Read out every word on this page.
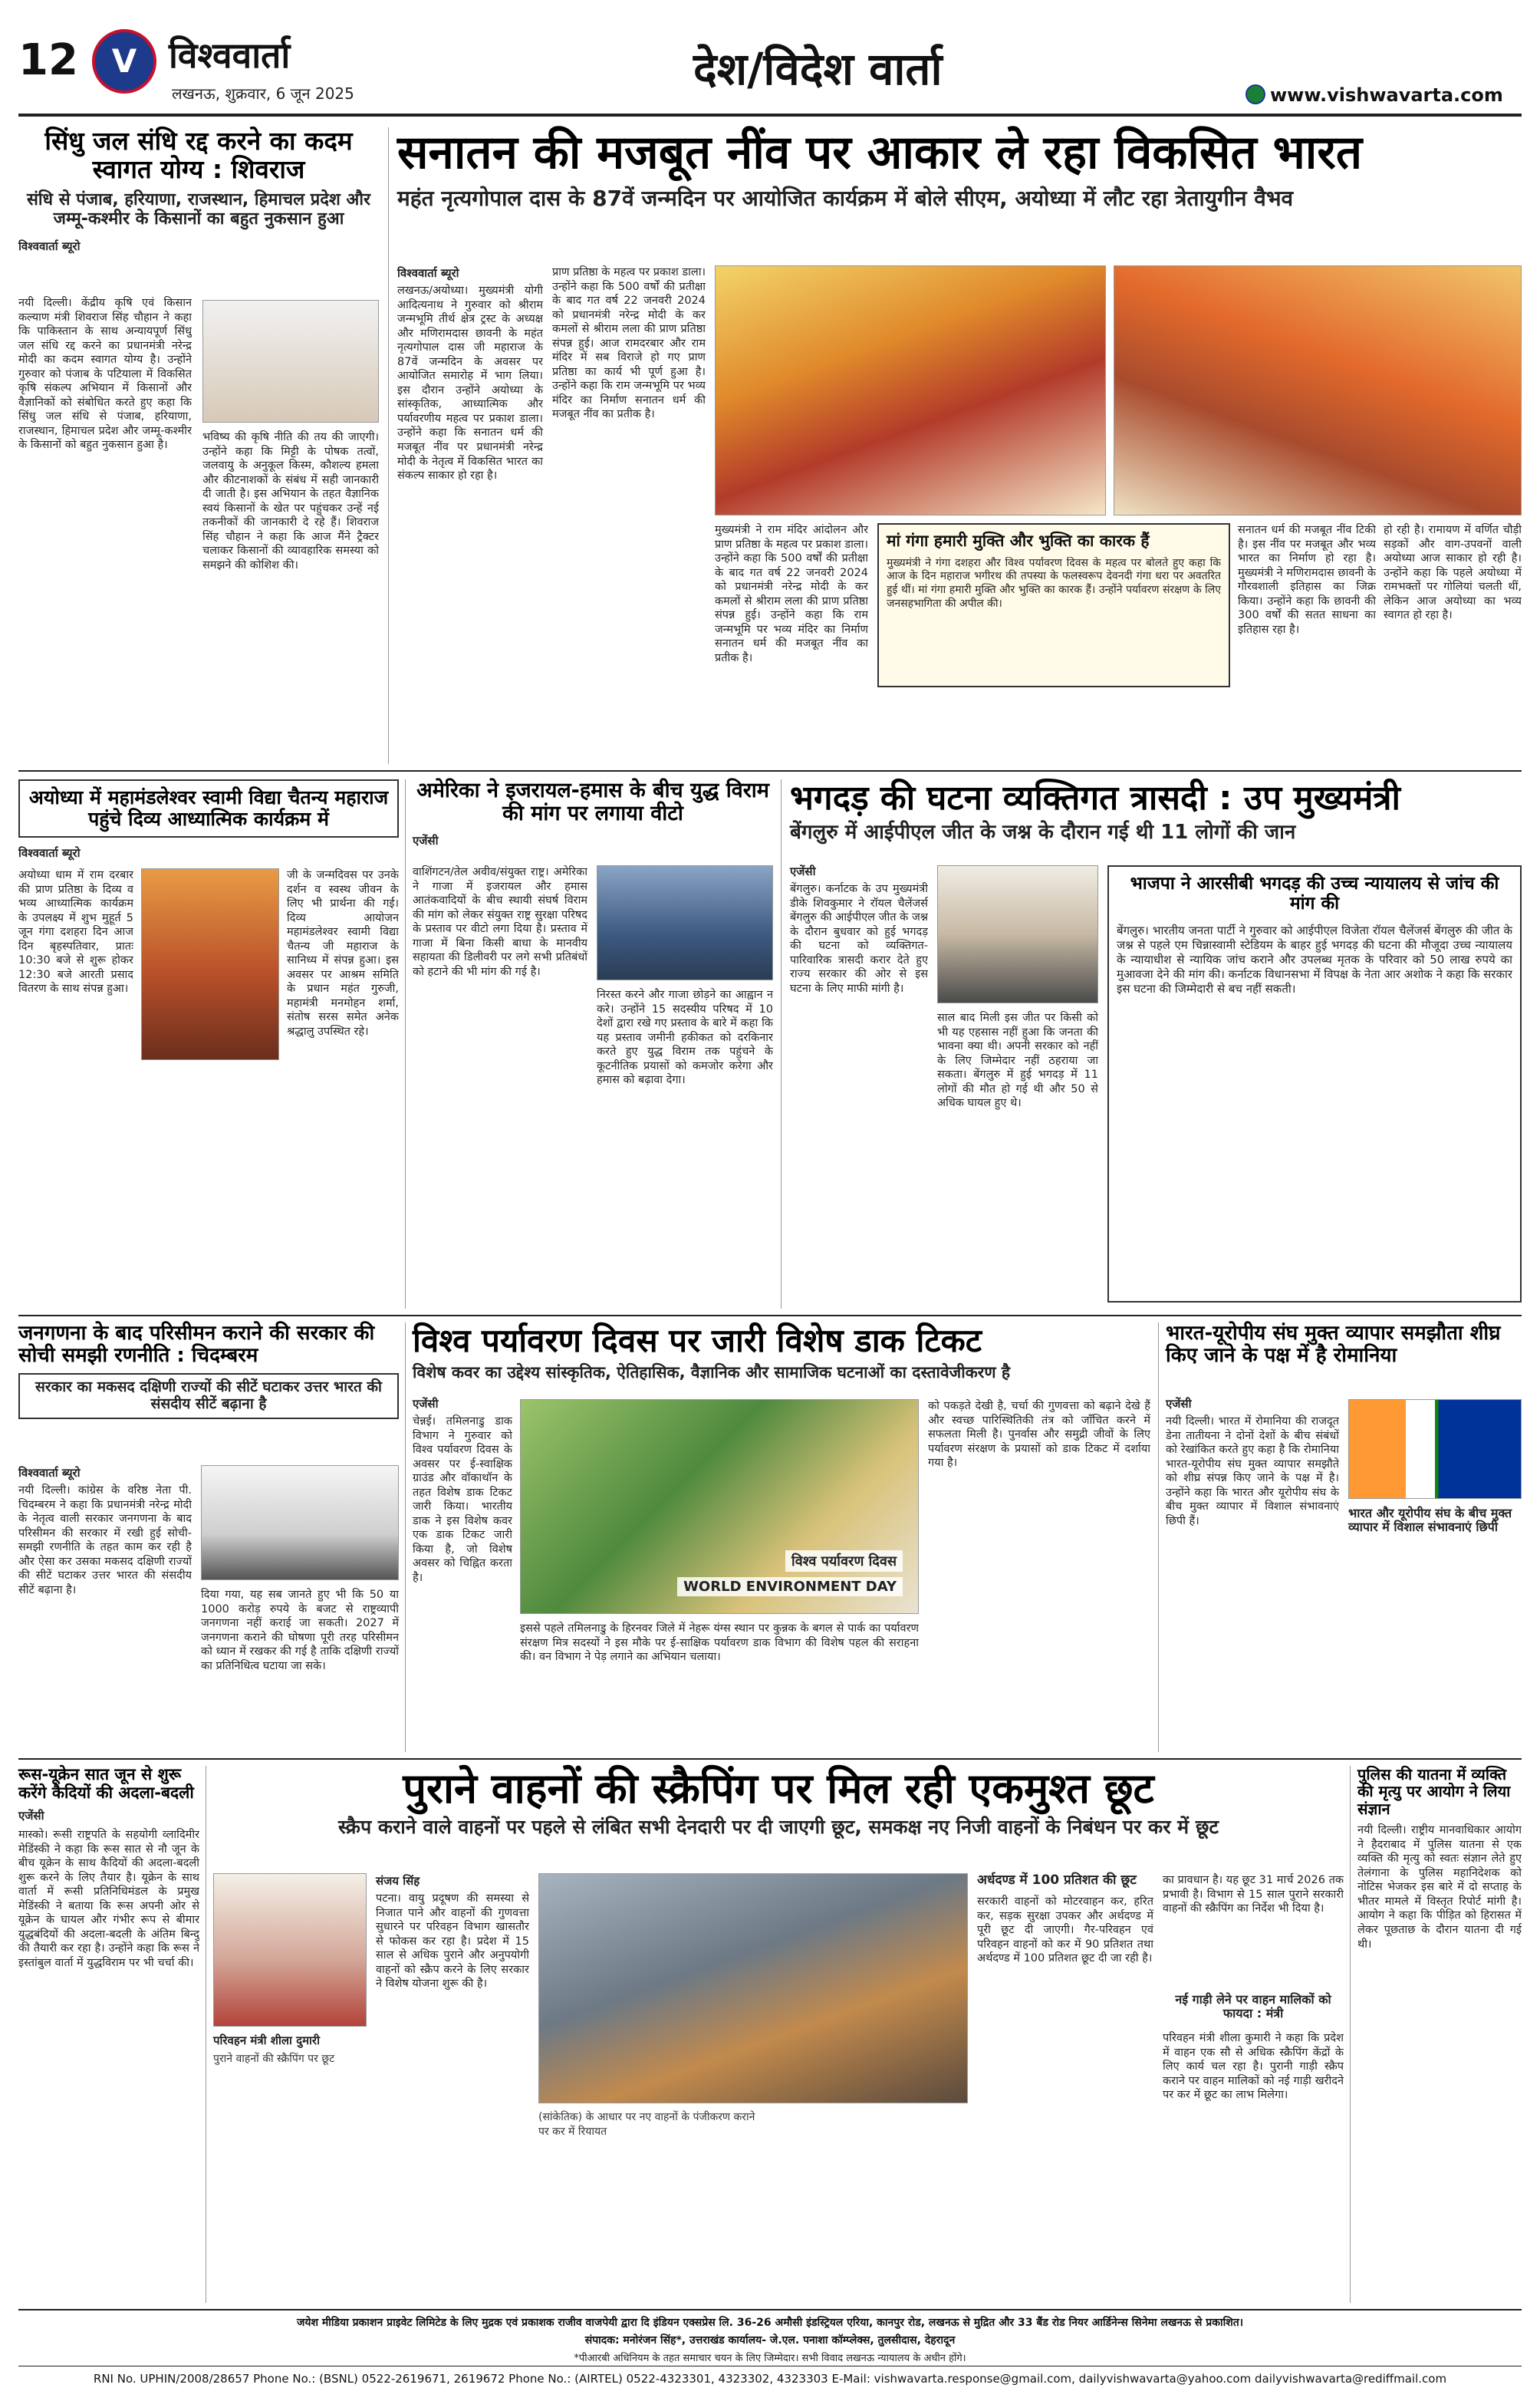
12 V विश्ववार्ता
लखनऊ, शुक्रवार, 6 जून 2025	देश/विदेश वार्ता	www.vishwavarta.com
सिंधु जल संधि रद्द करने का कदम स्वागत योग्य : शिवराज
संधि से पंजाब, हरियाणा, राजस्थान, हिमाचल प्रदेश और जम्मू-कश्मीर के किसानों का बहुत नुकसान हुआ
विश्ववार्ता ब्यूरो
नयी दिल्ली। केंद्रीय कृषि एवं किसान कल्याण मंत्री शिवराज सिंह चौहान ने कहा कि पाकिस्तान के साथ अन्यायपूर्ण सिंधु जल संधि रद्द करने का प्रधानमंत्री नरेन्द्र मोदी का कदम स्वागत योग्य है। उन्होंने गुरुवार को पंजाब के पटियाला में विकसित कृषि संकल्प अभियान में किसानों और वैज्ञानिकों को संबोधित करते हुए कहा कि सिंधु जल संधि से पंजाब, हरियाणा, राजस्थान, हिमाचल प्रदेश और जम्मू-कश्मीर के किसानों को बहुत नुकसान हुआ है।
भविष्य की कृषि नीति की तय की जाएगी। उन्होंने कहा कि मिट्टी के पोषक तत्वों, जलवायु के अनुकूल किस्म, कौशल्य हमला और कीटनाशकों के संबंध में सही जानकारी दी जाती है। इस अभियान के तहत वैज्ञानिक स्वयं किसानों के खेत पर पहुंचकर उन्हें नई तकनीकों की जानकारी दे रहे हैं। शिवराज सिंह चौहान ने कहा कि आज मैंने ट्रैक्टर चलाकर किसानों की व्यावहारिक समस्या को समझने की कोशिश की।
सनातन की मजबूत नींव पर आकार ले रहा विकसित भारत
महंत नृत्यगोपाल दास के 87वें जन्मदिन पर आयोजित कार्यक्रम में बोले सीएम, अयोध्या में लौट रहा त्रेतायुगीन वैभव
विश्ववार्ता ब्यूरो
लखनऊ/अयोध्या। मुख्यमंत्री योगी आदित्यनाथ ने गुरुवार को श्रीराम जन्मभूमि तीर्थ क्षेत्र ट्रस्ट के अध्यक्ष और मणिरामदास छावनी के महंत नृत्यगोपाल दास जी महाराज के 87वें जन्मदिन के अवसर पर आयोजित समारोह में भाग लिया। इस दौरान उन्होंने अयोध्या के सांस्कृतिक, आध्यात्मिक और पर्यावरणीय महत्व पर प्रकाश डाला। उन्होंने कहा कि सनातन धर्म की मजबूत नींव पर प्रधानमंत्री नरेन्द्र मोदी के नेतृत्व में विकसित भारत का संकल्प साकार हो रहा है।
प्राण प्रतिष्ठा के महत्व पर प्रकाश डाला। उन्होंने कहा कि 500 वर्षों की प्रतीक्षा के बाद गत वर्ष 22 जनवरी 2024 को प्रधानमंत्री नरेन्द्र मोदी के कर कमलों से श्रीराम लला की प्राण प्रतिष्ठा संपन्न हुई। आज रामदरबार और राम मंदिर में सब विराजे हो गए प्राण प्रतिष्ठा का कार्य भी पूर्ण हुआ है। उन्होंने कहा कि राम जन्मभूमि पर भव्य मंदिर का निर्माण सनातन धर्म की मजबूत नींव का प्रतीक है।
मुख्यमंत्री ने राम मंदिर आंदोलन और प्राण प्रतिष्ठा के महत्व पर प्रकाश डाला। उन्होंने कहा कि 500 वर्षों की प्रतीक्षा के बाद गत वर्ष 22 जनवरी 2024 को प्रधानमंत्री नरेन्द्र मोदी के कर कमलों से श्रीराम लला की प्राण प्रतिष्ठा संपन्न हुई। उन्होंने कहा कि राम जन्मभूमि पर भव्य मंदिर का निर्माण सनातन धर्म की मजबूत नींव का प्रतीक है।
मां गंगा हमारी मुक्ति और भुक्ति का कारक हैं
मुख्यमंत्री ने गंगा दशहरा और विश्व पर्यावरण दिवस के महत्व पर बोलते हुए कहा कि आज के दिन महाराज भगीरथ की तपस्या के फलस्वरूप देवनदी गंगा धरा पर अवतरित हुई थीं। मां गंगा हमारी मुक्ति और भुक्ति का कारक हैं। उन्होंने पर्यावरण संरक्षण के लिए जनसहभागिता की अपील की।
सनातन धर्म की मजबूत नींव टिकी है। इस नींव पर मजबूत और भव्य भारत का निर्माण हो रहा है। मुख्यमंत्री ने मणिरामदास छावनी के गौरवशाली इतिहास का जिक्र किया। उन्होंने कहा कि छावनी की 300 वर्षों की सतत साधना का इतिहास रहा है।
हो रही है। रामायण में वर्णित चौड़ी सड़कों और वाग-उपवनों वाली अयोध्या आज साकार हो रही है। उन्होंने कहा कि पहले अयोध्या में रामभक्तों पर गोलियां चलती थीं, लेकिन आज अयोध्या का भव्य स्वागत हो रहा है।
अयोध्या में महामंडलेश्वर स्वामी विद्या चैतन्य महाराज पहुंचे दिव्य आध्यात्मिक कार्यक्रम में
विश्ववार्ता ब्यूरो
अयोध्या धाम में राम दरबार की प्राण प्रतिष्ठा के दिव्य व भव्य आध्यात्मिक कार्यक्रम के उपलक्ष्य में शुभ मुहूर्त 5 जून गंगा दशहरा दिन आज दिन बृहस्पतिवार, प्रातः 10:30 बजे से शुरू होकर 12:30 बजे आरती प्रसाद वितरण के साथ संपन्न हुआ।
जी के जन्मदिवस पर उनके दर्शन व स्वस्थ जीवन के लिए भी प्रार्थना की गई। दिव्य आयोजन महामंडलेश्वर स्वामी विद्या चैतन्य जी महाराज के सानिध्य में संपन्न हुआ। इस अवसर पर आश्रम समिति के प्रधान महंत गुरुजी, महामंत्री मनमोहन शर्मा, संतोष सरस समेत अनेक श्रद्धालु उपस्थित रहे।
अमेरिका ने इजरायल-हमास के बीच युद्ध विराम की मांग पर लगाया वीटो
एजेंसी
वाशिंगटन/तेल अवीव/संयुक्त राष्ट्र। अमेरिका ने गाजा में इजरायल और हमास आतंकवादियों के बीच स्थायी संघर्ष विराम की मांग को लेकर संयुक्त राष्ट्र सुरक्षा परिषद के प्रस्ताव पर वीटो लगा दिया है। प्रस्ताव में गाजा में बिना किसी बाधा के मानवीय सहायता की डिलीवरी पर लगे सभी प्रतिबंधों को हटाने की भी मांग की गई है।
निरस्त करने और गाजा छोड़ने का आह्वान न करे। उन्होंने 15 सदस्यीय परिषद में 10 देशों द्वारा रखे गए प्रस्ताव के बारे में कहा कि यह प्रस्ताव जमीनी हकीकत को दरकिनार करते हुए युद्ध विराम तक पहुंचने के कूटनीतिक प्रयासों को कमजोर करेगा और हमास को बढ़ावा देगा।
भगदड़ की घटना व्यक्तिगत त्रासदी : उप मुख्यमंत्री
बेंगलुरु में आईपीएल जीत के जश्न के दौरान गई थी 11 लोगों की जान
एजेंसी
बेंगलुरु। कर्नाटक के उप मुख्यमंत्री डीके शिवकुमार ने रॉयल चैलेंजर्स बेंगलुरु की आईपीएल जीत के जश्न के दौरान बुधवार को हुई भगदड़ की घटना को व्यक्तिगत-पारिवारिक त्रासदी करार देते हुए राज्य सरकार की ओर से इस घटना के लिए माफी मांगी है।
साल बाद मिली इस जीत पर किसी को भी यह एहसास नहीं हुआ कि जनता की भावना क्या थी। अपनी सरकार को नहीं के लिए जिम्मेदार नहीं ठहराया जा सकता। बेंगलुरु में हुई भगदड़ में 11 लोगों की मौत हो गई थी और 50 से अधिक घायल हुए थे।
भाजपा ने आरसीबी भगदड़ की उच्च न्यायालय से जांच की मांग की
बेंगलुरु। भारतीय जनता पार्टी ने गुरुवार को आईपीएल विजेता रॉयल चैलेंजर्स बेंगलुरु की जीत के जश्न से पहले एम चिन्नास्वामी स्टेडियम के बाहर हुई भगदड़ की घटना की मौजूदा उच्च न्यायालय के न्यायाधीश से न्यायिक जांच कराने और उपलब्ध मृतक के परिवार को 50 लाख रुपये का मुआवजा देने की मांग की। कर्नाटक विधानसभा में विपक्ष के नेता आर अशोक ने कहा कि सरकार इस घटना की जिम्मेदारी से बच नहीं सकती।
जनगणना के बाद परिसीमन कराने की सरकार की सोची समझी रणनीति : चिदम्बरम
सरकार का मकसद दक्षिणी राज्यों की सीटें घटाकर उत्तर भारत की संसदीय सीटें बढ़ाना है
विश्ववार्ता ब्यूरो
नयी दिल्ली। कांग्रेस के वरिष्ठ नेता पी. चिदम्बरम ने कहा कि प्रधानमंत्री नरेन्द्र मोदी के नेतृत्व वाली सरकार जनगणना के बाद परिसीमन की सरकार में रखी हुई सोची-समझी रणनीति के तहत काम कर रही है और ऐसा कर उसका मकसद दक्षिणी राज्यों की सीटें घटाकर उत्तर भारत की संसदीय सीटें बढ़ाना है।	दिया गया, यह सब जानते हुए भी कि 50 या 1000 करोड़ रुपये के बजट से राष्ट्रव्यापी जनगणना नहीं कराई जा सकती। 2027 में जनगणना कराने की घोषणा पूरी तरह परिसीमन को ध्यान में रखकर की गई है ताकि दक्षिणी राज्यों का प्रतिनिधित्व घटाया जा सके।
विश्व पर्यावरण दिवस पर जारी विशेष डाक टिकट
विशेष कवर का उद्देश्य सांस्कृतिक, ऐतिहासिक, वैज्ञानिक और सामाजिक घटनाओं का दस्तावेजीकरण है
एजेंसी
चेन्नई। तमिलनाडु डाक विभाग ने गुरुवार को विश्व पर्यावरण दिवस के अवसर पर ई-स्वाक्षिक ग्राउंड और वॉकाथॉन के तहत विशेष डाक टिकट जारी किया। भारतीय डाक ने इस विशेष कवर एक डाक टिकट जारी किया है, जो विशेष अवसर को चिह्नित करता है।
विश्व पर्यावरण दिवस
WORLD ENVIRONMENT DAY
इससे पहले तमिलनाडु के हिरनवर जिले में नेहरू यंग्स स्थान पर कुन्नक के बगल से पार्क का पर्यावरण संरक्षण मित्र सदस्यों ने इस मौके पर ई-साक्षिक पर्यावरण डाक विभाग की विशेष पहल की सराहना की। वन विभाग ने पेड़ लगाने का अभियान चलाया।
को पकड़ते देखी है, चर्चा की गुणवत्ता को बढ़ाने देखे हैं और स्वच्छ पारिस्थितिकी तंत्र को जाँचित करने में सफलता मिली है। पुनर्वास और समुद्री जीवों के लिए पर्यावरण संरक्षण के प्रयासों को डाक टिकट में दर्शाया गया है।
भारत-यूरोपीय संघ मुक्त व्यापार समझौता शीघ्र किए जाने के पक्ष में है रोमानिया
एजेंसी
नयी दिल्ली। भारत में रोमानिया की राजदूत डेना तातीयना ने दोनों देशों के बीच संबंधों को रेखांकित करते हुए कहा है कि रोमानिया भारत-यूरोपीय संघ मुक्त व्यापार समझौते को शीघ्र संपन्न किए जाने के पक्ष में है। उन्होंने कहा कि भारत और यूरोपीय संघ के बीच मुक्त व्यापार में विशाल संभावनाएं छिपी हैं।
भारत और यूरोपीय संघ के बीच मुक्त व्यापार में विशाल संभावनाएं छिपी
रूस-यूक्रेन सात जून से शुरू करेंगे कैदियों की अदला-बदली
एजेंसी
मास्को। रूसी राष्ट्रपति के सहयोगी व्लादिमीर मेडिंस्की ने कहा कि रूस सात से नौ जून के बीच यूक्रेन के साथ कैदियों की अदला-बदली शुरू करने के लिए तैयार है। यूक्रेन के साथ वार्ता में रूसी प्रतिनिधिमंडल के प्रमुख मेडिंस्की ने बताया कि रूस अपनी ओर से यूक्रेन के घायल और गंभीर रूप से बीमार युद्धबंदियों की अदला-बदली के अंतिम बिन्दु की तैयारी कर रहा है। उन्होंने कहा कि रूस ने इस्तांबुल वार्ता में युद्धविराम पर भी चर्चा की।
पुराने वाहनों की स्क्रैपिंग पर मिल रही एकमुश्त छूट
स्क्रैप कराने वाले वाहनों पर पहले से लंबित सभी देनदारी पर दी जाएगी छूट, समकक्ष नए निजी वाहनों के निबंधन पर कर में छूट
संजय सिंह
पटना। वायु प्रदूषण की समस्या से निजात पाने और वाहनों की गुणवत्ता सुधारने पर परिवहन विभाग खासतौर से फोकस कर रहा है। प्रदेश में 15 साल से अधिक पुराने और अनुपयोगी वाहनों को स्क्रैप करने के लिए सरकार ने विशेष योजना शुरू की है।
परिवहन मंत्री शीला दुमारी
पुराने वाहनों की स्क्रैपिंग पर छूट
(सांकेतिक) के आधार पर नए वाहनों के पंजीकरण कराने पर कर में रियायत
अर्धदण्ड में 100 प्रतिशत की छूट
सरकारी वाहनों को मोटरवाहन कर, हरित कर, सड़क सुरक्षा उपकर और अर्थदण्ड में पूरी छूट दी जाएगी। गैर-परिवहन एवं परिवहन वाहनों को कर में 90 प्रतिशत तथा अर्थदण्ड में 100 प्रतिशत छूट दी जा रही है।
का प्रावधान है। यह छूट 31 मार्च 2026 तक प्रभावी है। विभाग से 15 साल पुराने सरकारी वाहनों की स्क्रैपिंग का निर्देश भी दिया है।
नई गाड़ी लेने पर वाहन मालिकों को फायदा : मंत्री
परिवहन मंत्री शीला कुमारी ने कहा कि प्रदेश में वाहन एक सौ से अधिक स्क्रैपिंग केंद्रों के लिए कार्य चल रहा है। पुरानी गाड़ी स्क्रैप कराने पर वाहन मालिकों को नई गाड़ी खरीदने पर कर में छूट का लाभ मिलेगा।
पुलिस की यातना में व्यक्ति की मृत्यु पर आयोग ने लिया संज्ञान
नयी दिल्ली। राष्ट्रीय मानवाधिकार आयोग ने हैदराबाद में पुलिस यातना से एक व्यक्ति की मृत्यु को स्वतः संज्ञान लेते हुए तेलंगाना के पुलिस महानिदेशक को नोटिस भेजकर इस बारे में दो सप्ताह के भीतर मामले में विस्तृत रिपोर्ट मांगी है। आयोग ने कहा कि पीड़ित को हिरासत में लेकर पूछताछ के दौरान यातना दी गई थी।
जयेश मीडिया प्रकाशन प्राइवेट लिमिटेड के लिए मुद्रक एवं प्रकाशक राजीव वाजपेयी द्वारा दि इंडियन एक्सप्रेस लि. 36-26 अमौसी इंडस्ट्रियल एरिया, कानपुर रोड, लखनऊ से मुद्रित और 33 बैंड रोड नियर आर्डिनेन्स सिनेमा लखनऊ से प्रकाशित।
संपादक: मनोरंजन सिंह*, उत्तराखंड कार्यालय- जे.एल. पनाशा कॉम्प्लेक्स, तुलसीदास, देहरादून
*पीआरबी अधिनियम के तहत समाचार चयन के लिए जिम्मेदार। सभी विवाद लखनऊ न्यायालय के अधीन होंगे।
RNI No. UPHIN/2008/28657 Phone No.: (BSNL) 0522-2619671, 2619672 Phone No.: (AIRTEL) 0522-4323301, 4323302, 4323303 E-Mail: vishwavarta.response@gmail.com, dailyvishwavarta@yahoo.com dailyvishwavarta@rediffmail.com
